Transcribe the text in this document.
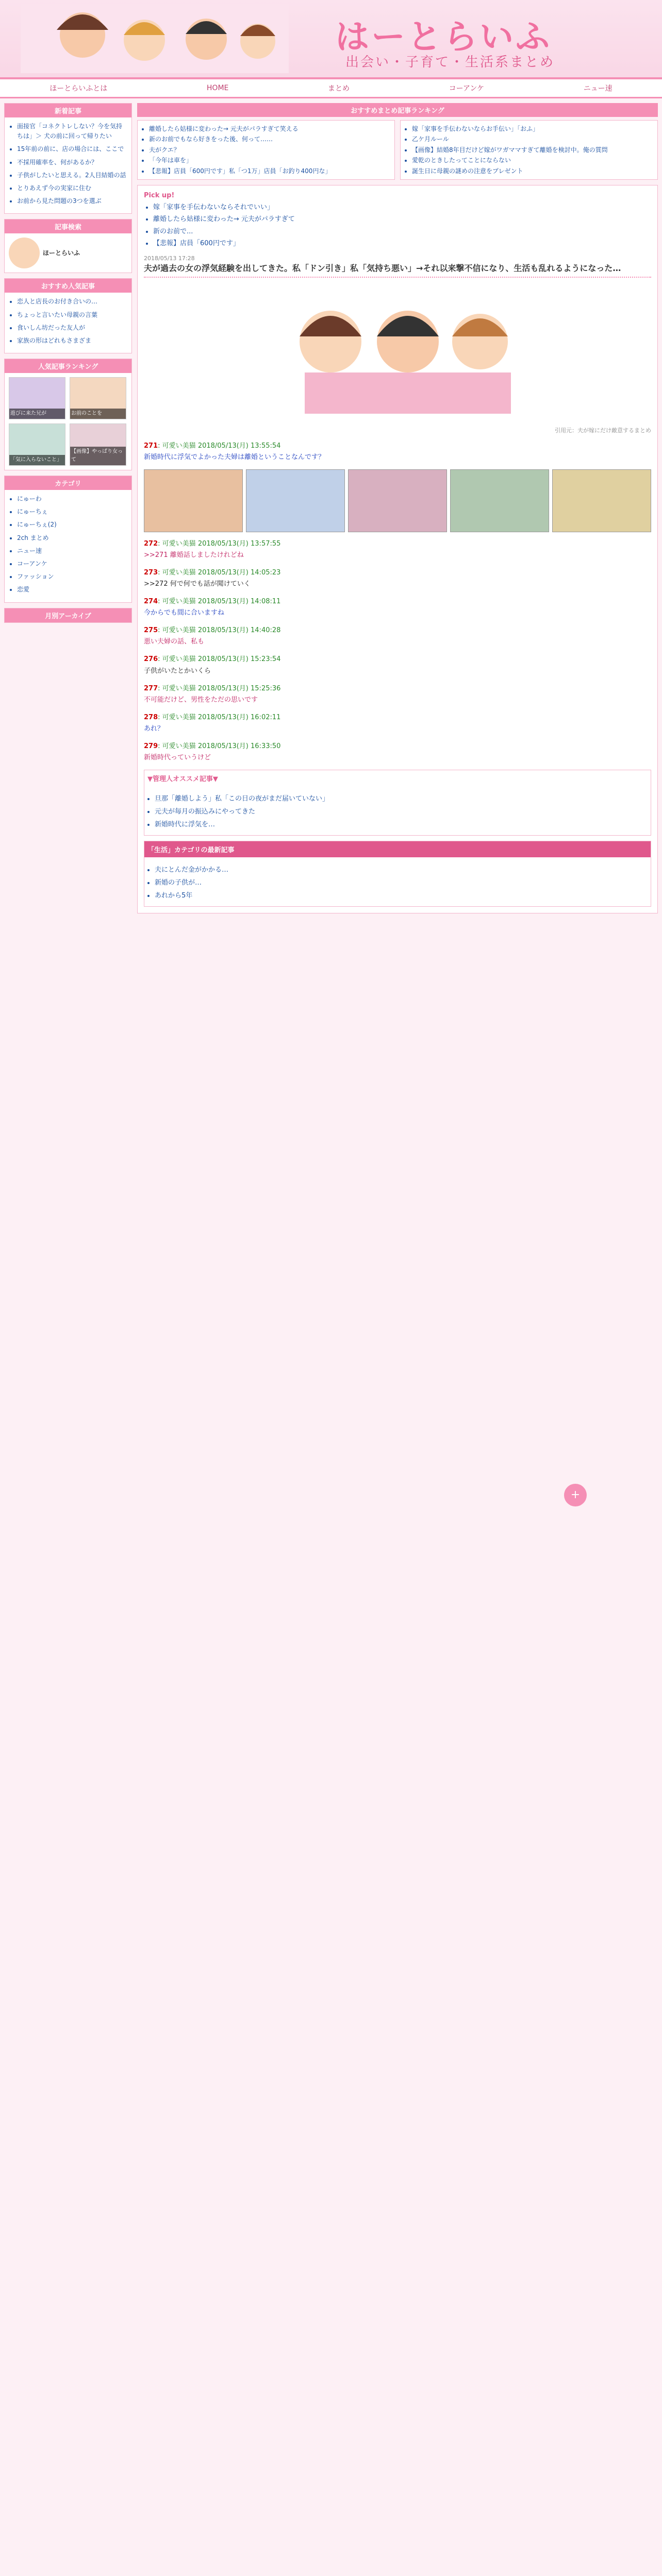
はーとらいふ
出会い・子育て・生活系まとめ
ほーとらいふとは	HOME	まとめ	コーアンケ	ニュー速
新着記事
• 面接官「コネクトレしない？今を気持ちは」＞ 犬の前に回って帰りたい
• 15年前の前に、店の場合には、ここで
• 不採用確率を、何があるか？
• 子供がしたいと思える。2人目結婚の話
• とりあえず今の実家に住む
• お前から見た問題の3つを選ぶ
記事検索
ほーとらいふ
おすすめ人気記事
• 恋人と店長のお付き合いの…
• ちょっと言いたい母親の言葉
• 食いしん坊だった友人が
• 家族の形はどれもさまざま
人気記事ランキング
遊びに来た兄が	お前のことを
「気に入らないこと」
【画像】やっぱり女って
カテゴリ
• にゅーわ
• にゅーちぇ
• にゅーちぇ(2)
• 2ch まとめ
• ニュー速
• コーアンケ
• ファッション
• 恋愛
月別アーカイブ
おすすめまとめ記事ランキング
• 離婚したら姑様に変わった→ 元夫がパラすぎて笑える
• 新のお前でもなら好きをった後、何って……
• 夫がクエ？
• 「今年は車を」
• 【悲報】店員「600円です」私「つ1万」店員「お釣り400円な」
• 嫁「家事を手伝わないならお手伝い」「おふ」
• 乙ケ月ルール
• 【画像】結婚8年目だけど嫁がワガママすぎて離婚を検討中。俺の質問
• 愛乾のときしたってことにならない
• 誕生日に母親の謎めの注意をプレゼント
Pick up!
• 嫁「家事を手伝わないならそれでいい」
• 離婚したら姑様に変わった→ 元夫がパラすぎて
• 新のお前で...
• 【悲報】店員「600円です」
2018/05/13 17:28
夫が過去の女の浮気経験を出してきた。私「ドン引き」私「気持ち悪い」→それ以来撃不信になり、生活も乱れるようになった…
引用元：夫が嫁にだけ敵意するまとめ
271: 可愛い美猫 2018/05/13(月) 13:55:54
新婚時代に浮気でよかった夫婦は離婚ということなんです？
272: 可愛い美猫 2018/05/13(月) 13:57:55
>>271 離婚話しましたけれどね
273: 可愛い美猫 2018/05/13(月) 14:05:23
>>272 何で何でも話が聞けていく
274: 可愛い美猫 2018/05/13(月) 14:08:11
今からでも間に合いますね
275: 可愛い美猫 2018/05/13(月) 14:40:28
悪い夫婦の話、私も
276: 可愛い美猫 2018/05/13(月) 15:23:54
子供がいたとかいくら
277: 可愛い美猫 2018/05/13(月) 15:25:36
不可能だけど、男性をただの思いです
278: 可愛い美猫 2018/05/13(月) 16:02:11
あれ？
279: 可愛い美猫 2018/05/13(月) 16:33:50
新婚時代っていうけど
▼管理人オススメ記事▼
• 旦那「離婚しよう」私「この日の夜がまだ届いていない」
• 元夫が毎月の振込みにやってきた
• 新婚時代に浮気を…
「生活」カテゴリの最新記事
• 夫にとんだ金がかかる…
• 新婚の子供が…
• あれから5年
+
